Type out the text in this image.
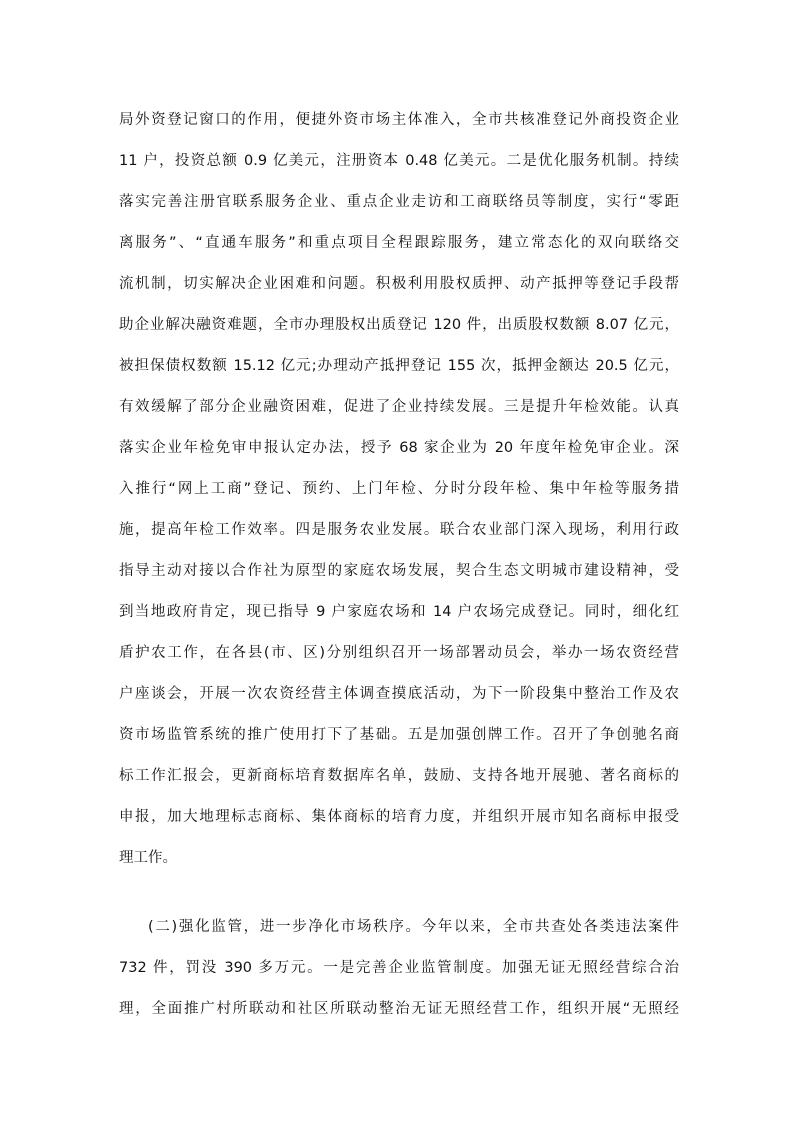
局外资登记窗口的作用，便捷外资市场主体准入，全市共核准登记外商投资企业
11 户，投资总额 0.9 亿美元，注册资本 0.48 亿美元。二是优化服务机制。持续
落实完善注册官联系服务企业、重点企业走访和工商联络员等制度，实行“零距
离服务”、“直通车服务”和重点项目全程跟踪服务，建立常态化的双向联络交
流机制，切实解决企业困难和问题。积极利用股权质押、动产抵押等登记手段帮
助企业解决融资难题，全市办理股权出质登记 120 件，出质股权数额 8.07 亿元，
被担保债权数额 15.12 亿元;办理动产抵押登记 155 次，抵押金额达 20.5 亿元，
有效缓解了部分企业融资困难，促进了企业持续发展。三是提升年检效能。认真
落实企业年检免审申报认定办法，授予 68 家企业为 20 年度年检免审企业。深
入推行“网上工商”登记、预约、上门年检、分时分段年检、集中年检等服务措
施，提高年检工作效率。四是服务农业发展。联合农业部门深入现场，利用行政
指导主动对接以合作社为原型的家庭农场发展，契合生态文明城市建设精神，受
到当地政府肯定，现已指导 9 户家庭农场和 14 户农场完成登记。同时，细化红
盾护农工作，在各县(市、区)分别组织召开一场部署动员会，举办一场农资经营
户座谈会，开展一次农资经营主体调查摸底活动，为下一阶段集中整治工作及农
资市场监管系统的推广使用打下了基础。五是加强创牌工作。召开了争创驰名商
标工作汇报会，更新商标培育数据库名单，鼓励、支持各地开展驰、著名商标的
申报，加大地理标志商标、集体商标的培育力度，并组织开展市知名商标申报受
理工作。
(二)强化监管，进一步净化市场秩序。今年以来，全市共查处各类违法案件
732 件，罚没 390 多万元。一是完善企业监管制度。加强无证无照经营综合治
理，全面推广村所联动和社区所联动整治无证无照经营工作，组织开展“无照经
